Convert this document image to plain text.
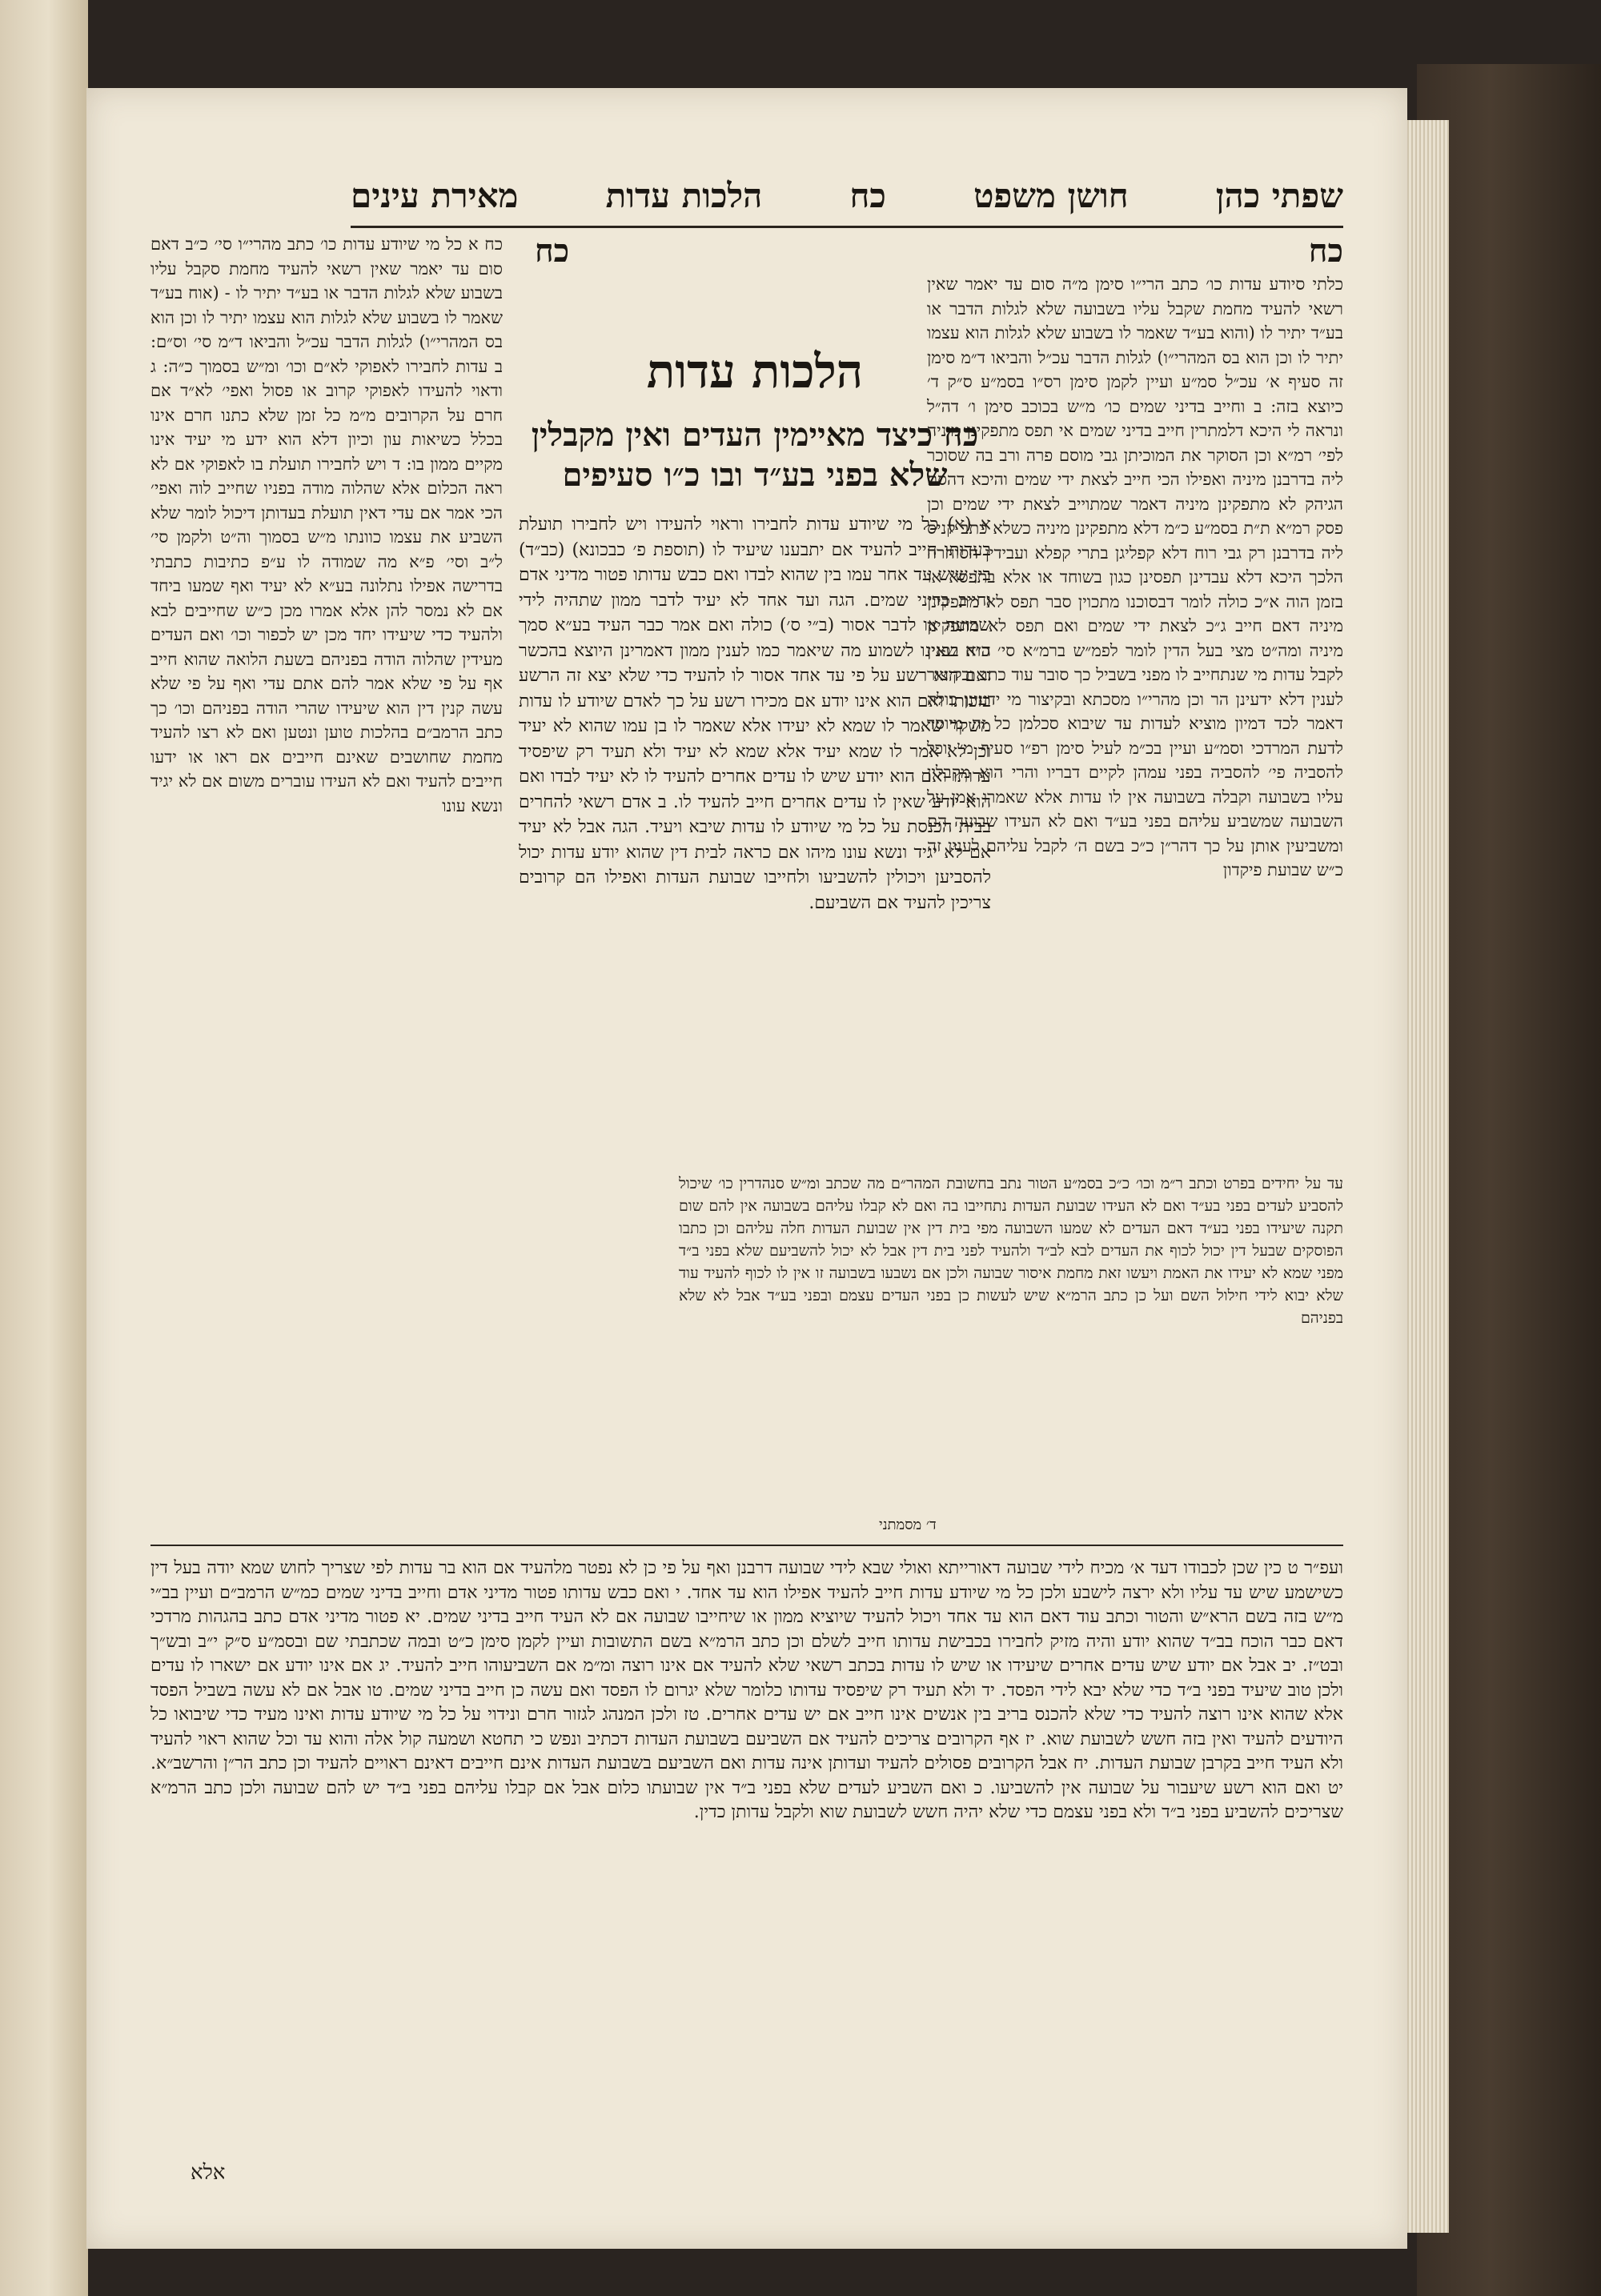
שפתי כהן
חושן משפט
כח
הלכות עדות
מאירת עינים
כח

כלתי סיודע עדות כו׳ כתב הרי״ו סימן מ״ה סום עד יאמר שאין רשאי להעיד מחמת שקבל עליו בשבועה שלא לגלות הדבר או בע״ד יתיר לו (והוא בע״ד שאמר לו בשבוע שלא לגלות הוא עצמו יתיר לו וכן הוא בס המהרי״ו) לגלות הדבר עכ״ל והביאו ד״מ סימן זה סעיף א׳ עכ״ל סמ״ע ועיין לקמן סימן רס״ו בסמ״ע ס״ק ד׳ כיוצא בזה: ב וחייב בדיני שמים כו׳ מ״ש בכוכב סימן ו׳ דה״ל ונראה לי היכא דלמתרין חייב בדיני שמים אי תפס מתפקינן מיניה לפי׳ רמ״א וכן הסוקר את המוכיתן גבי מוסם פרה ורב בה שסוכר ליה בדרבנן מיניה ואפילו הכי חייב לצאת ידי שמים והיכא דהסם הגיהק לא מתפקינן מיניה דאמר שמתוייב לצאת ידי שמים וכן פסק רמ״א ת״ת בסמ״ע כ״מ דלא מתפקינן מיניה כשלא כתב קניס ליה בדרבנן רק גבי רוח דלא קפליגן בתרי קפלא ועבידין הסוחרה הלכך היכא דלא עבדינן תפסינן כגון בשוחד או אלא בתפסא או בזמן הוה א״כ כולה לומר דבסוכנו מתכוין סבר תפס לא מתפקינן מיניה דאם חייב ג״כ לצאת ידי שמים ואם תפס לא מתפקינן מיניה ומה״ט מצי בעל הדין לומר לפמ״ש ברמ״א סי׳ כ״ח שאין לקבל עדות מי שנתחייב לו מפני בשביל כך סובר עוד כתב ובקיצור לענין דלא ידעינן הר וכן מהרי״ו מסכתא ובקיצור מי ידעינן כולה דאמר לכד דמיון מוציא לעדות עד שיבוא סכלמן כל זה מיוסד לדעת המרדכי וסמ״ע ועיין בכ״מ לעיל סימן רפ״ו סעיף מ׳ יוכל להסביה פי׳ להסביה בפני עמהן לקיים דבריו והרי הוא מקבלין עליו בשבועה וקבלה בשבועה אין לו עדות אלא שאמרו אמן על השבועה שמשביע עליהם בפני בע״ד ואם לא העידו שבועה הם ומשביעין אותן על כך דהר״ן כ״כ בשם ה׳ לקבל עליהם לענין זה כ״ש שבועת פיקדון

כח

כח א כל מי שיודע עדות כו׳ כתב מהרי״ו סי׳ כ״ב דאם סום עד יאמר שאין רשאי להעיד מחמת סקבל עליו בשבוע שלא לגלות הדבר או בע״ד יתיר לו - (אוח בע״ד שאמר לו בשבוע שלא לגלות הוא עצמו יתיר לו וכן הוא בס המהרי״ו) לגלות הדבר עכ״ל והביאו ד״מ סי׳ וס״ם: ב עדות לחבירו לאפוקי לא״ם וכו׳ ומ״ש בסמוך כ״ה: ג ודאוי להעידו לאפוקי קרוב או פסול ואפי׳ לא״ד אם חרם על הקרובים מ״מ כל זמן שלא כתנו חרם אינו בכלל כשיאות עון וכיון דלא הוא ידע מי יעיד אינו מקיים ממון בו: ד ויש לחבירו תועלת בו לאפוקי אם לא ראה הכלום אלא שהלוה מודה בפניו שחייב לוה ואפי׳ הכי אמר אם עדי דאין תועלת בעדותן דיכול לומר שלא השביע את עצמו כוונתו מ״ש בסמוך וה״ט ולקמן סי׳ ל״ב וסי׳ פ״א מה שמודה לו ע״פ כתיבות כתבתי בדרישה אפילו נתלונה בע״א לא יעיד ואף שמעו ביחד אם לא נמסר להן אלא אמרו מכן כ״ש שחייבים לבא ולהעיד כדי שיעידו יחד מכן יש לכפור וכו׳ ואם העדים מעידין שהלוה הודה בפניהם בשעת הלואה שהוא חייב אף על פי שלא אמר להם אתם עדי ואף על פי שלא עשה קנין דין הוא שיעידו שהרי הודה בפניהם וכו׳ כך כתב הרמב״ם בהלכות טוען ונטען ואם לא רצו להעיד מחמת שחושבים שאינם חייבים אם ראו או ידעו חייבים להעיד ואם לא העידו עוברים משום אם לא יגיד ונשא עונו

הלכות עדות
כח כיצד מאיימין העדים ואין מקבלין
שלא בפני בע״ד ובו כ״ו סעיפים

א (א) כל מי שיודע עדות לחבירו וראוי להעידו ויש לחבירו תועלת בעדותו חייב להעיד אם יתבענו שיעיד לו (תוספת פ׳ כבכונא) (כב״ד) בין שיש עד אחר עמו בין שהוא לבדו ואם כבש עדותו פטור מדיני אדם וחייב בדיני שמים. הגה ועד אחד לא יעיד לדבר ממון שתהיה לידי שבועה או לדבר אסור (ב״י ס׳) כולה ואם אמר כבר העיד בע״א סמך הוא בפנינו לשמוע מה שיאמר כמו לענין ממון דאמרינן היוצא בהכשר ואם הוא רשע על פי עד אחד אסור לו להעיד כדי שלא יצא זה הרשע בזכותו ואם הוא אינו יודע אם מכירו רשע על כך לאדם שיודע לו עדות משקר שאמר לו שמא לא יעידו אלא שאמר לו בן עמו שהוא לא יעיד וכן לא אמר לו שמא יעיד אלא שמא לא יעיד ולא תעיד רק שיפסיד עדותו ואם הוא יודע שיש לו עדים אחרים להעיד לו לא יעיד לבדו ואם הוא יודע שאין לו עדים אחרים חייב להעיד לו. ב אדם רשאי להחרים בבית הכנסת על כל מי שיודע לו עדות שיבא ויעיד. הגה אבל לא יעיד אם לא יגיד ונשא עונו מיהו אם כראה לבית דין שהוא יודע עדות יכול להסביען ויכולין להשביעו ולחייבו שבועת העדות ואפילו הם קרובים צריכין להעיד אם השביעם.

עד על יחידים בפרט וכתב ר״מ וכו׳ כ״כ בסמ״ע הטור נתב בחשובת המהר״ם מה שכתב ומ״ש סנהדרין כו׳ שיכול להסביע לעדים בפני בע״ד ואם לא העידו שבועת העדות נתחייבו בה ואם לא קבלו עליהם בשבועה אין להם שום תקנה שיעידו בפני בע״ד דאם העדים לא שמעו השבועה מפי בית דין אין שבועת העדות חלה עליהם וכן כתבו הפוסקים שבעל דין יכול לכוף את העדים לבא לב״ד ולהעיד לפני בית דין אבל לא יכול להשביעם שלא בפני ב״ד מפני שמא לא יעידו את האמת ויעשו זאת מחמת איסור שבועה ולכן אם נשבעו בשבועה זו אין לו לכוף להעיד עוד שלא יבוא לידי חילול השם ועל כן כתב הרמ״א שיש לעשות כן בפני העדים עצמם ובפני בע״ד אבל לא שלא בפניהם

ד׳ מסמתני

ועפ״ר ט כין שכן לכבודו דעד א׳ מכיח לידי שבועה דאורייתא ואולי שבא לידי שבועה דרבנן ואף על פי כן לא נפטר מלהעיד אם הוא בר עדות לפי שצריך לחוש שמא יודה בעל דין כשישמע שיש עד עליו ולא ירצה לישבע ולכן כל מי שיודע עדות חייב להעיד אפילו הוא עד אחד. י ואם כבש עדותו פטור מדיני אדם וחייב בדיני שמים כמ״ש הרמב״ם ועיין בב״י מ״ש בזה בשם הרא״ש והטור וכתב עוד דאם הוא עד אחד ויכול להעיד שיוציא ממון או שיחייבו שבועה אם לא העיד חייב בדיני שמים. יא פטור מדיני אדם כתב בהגהות מרדכי דאם כבר הוכח בב״ד שהוא יודע והיה מזיק לחבירו בכבישת עדותו חייב לשלם וכן כתב הרמ״א בשם התשובות ועיין לקמן סימן כ״ט ובמה שכתבתי שם ובסמ״ע ס״ק י״ב ובש״ך ובט״ז. יב אבל אם יודע שיש עדים אחרים שיעידו או שיש לו עדות בכתב רשאי שלא להעיד אם אינו רוצה ומ״מ אם השביעוהו חייב להעיד. יג אם אינו יודע אם ישארו לו עדים ולכן טוב שיעיד בפני ב״ד כדי שלא יבא לידי הפסד. יד ולא תעיד רק שיפסיד עדותו כלומר שלא יגרום לו הפסד ואם עשה כן חייב בדיני שמים. טו אבל אם לא עשה בשביל הפסד אלא שהוא אינו רוצה להעיד כדי שלא להכנס בריב בין אנשים אינו חייב אם יש עדים אחרים. טז ולכן המנהג לגזור חרם ונידוי על כל מי שיודע עדות ואינו מעיד כדי שיבואו כל היודעים להעיד ואין בזה חשש לשבועת שוא. יז אף הקרובים צריכים להעיד אם השביעם בשבועת העדות דכתיב ונפש כי תחטא ושמעה קול אלה והוא עד וכל שהוא ראוי להעיד ולא העיד חייב בקרבן שבועת העדות. יח אבל הקרובים פסולים להעיד ועדותן אינה עדות ואם השביעם בשבועת העדות אינם חייבים דאינם ראויים להעיד וכן כתב הר״ן והרשב״א. יט ואם הוא רשע שיעבור על שבועה אין להשביעו. כ ואם השביע לעדים שלא בפני ב״ד אין שבועתו כלום אבל אם קבלו עליהם בפני ב״ד יש להם שבועה ולכן כתב הרמ״א שצריכים להשביע בפני ב״ד ולא בפני עצמם כדי שלא יהיה חשש לשבועת שוא ולקבל עדותן כדין.

אלא
